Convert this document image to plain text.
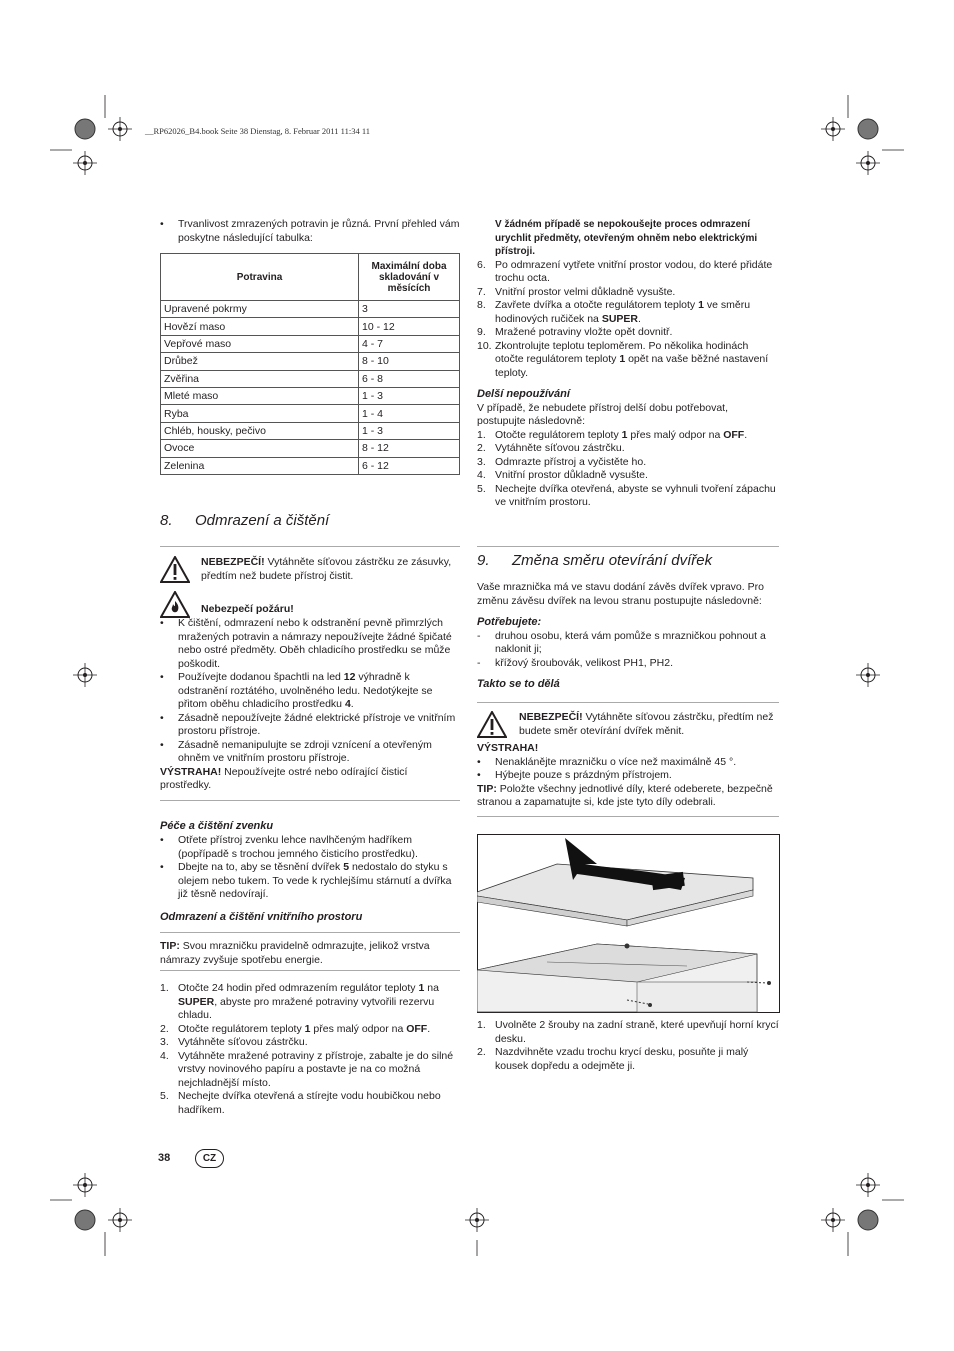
__RP62026_B4.book Seite 38 Dienstag, 8. Februar 2011 11:34 11
• Trvanlivost zmrazených potravin je různá. První přehled vám poskytne následující tabulka:
Potravina	Maximální doba skladování v měsících
Upravené pokrmy	3
Hovězí maso	10 - 12
Vepřové maso	4 - 7
Drůbež	8 - 10
Zvěřina	6 - 8
Mleté maso	1 - 3
Ryba	1 - 4
Chléb, housky, pečivo	1 - 3
Ovoce	8 - 12
Zelenina	6 - 12
8. Odmrazení a čištění
NEBEZPEČÍ! Vytáhněte síťovou zástrčku ze zásuvky, předtím než budete přístroj čistit.
Nebezpečí požáru!
• K čištění, odmrazení nebo k odstranění pevně přimrzlých mražených potravin a námrazy nepoužívejte žádné špičaté nebo ostré předměty. Oběh chladicího prostředku se může poškodit.
• Používejte dodanou špachtli na led 12 výhradně k odstranění roztátého, uvolněného ledu. Nedotýkejte se přitom oběhu chladicího prostředku 4.
• Zásadně nepoužívejte žádné elektrické přístroje ve vnitřním prostoru přístroje.
• Zásadně nemanipulujte se zdroji vznícení a otevřeným ohněm ve vnitřním prostoru přístroje.
VÝSTRAHA! Nepoužívejte ostré nebo odírající čisticí prostředky.
Péče a čištění zvenku
• Otřete přístroj zvenku lehce navlhčeným hadříkem (popřípadě s trochou jemného čisticího prostředku).
• Dbejte na to, aby se těsnění dvířek 5 nedostalo do styku s olejem nebo tukem. To vede k rychlejšímu stárnutí a dvířka již těsně nedovírají.
Odmrazení a čištění vnitřního prostoru
TIP: Svou mrazničku pravidelně odmrazujte, jelikož vrstva námrazy zvyšuje spotřebu energie.
1. Otočte 24 hodin před odmrazením regulátor teploty 1 na SUPER, abyste pro mražené potraviny vytvořili rezervu chladu.
2. Otočte regulátorem teploty 1 přes malý odpor na OFF.
3. Vytáhněte síťovou zástrčku.
4. Vytáhněte mražené potraviny z přístroje, zabalte je do silné vrstvy novinového papíru a postavte je na co možná nejchladnější místo.
5. Nechejte dvířka otevřená a stírejte vodu houbičkou nebo hadříkem.
V žádném případě se nepokoušejte proces odmrazení urychlit předměty, otevřeným ohněm nebo elektrickými přístroji.
6. Po odmrazení vytřete vnitřní prostor vodou, do které přidáte trochu octa.
7. Vnitřní prostor velmi důkladně vysušte.
8. Zavřete dvířka a otočte regulátorem teploty 1 ve směru hodinových ručiček na SUPER.
9. Mražené potraviny vložte opět dovnitř.
10. Zkontrolujte teplotu teploměrem. Po několika hodinách otočte regulátorem teploty 1 opět na vaše běžné nastavení teploty.
Delší nepoužívání
V případě, že nebudete přístroj delší dobu potřebovat, postupujte následovně:
1. Otočte regulátorem teploty 1 přes malý odpor na OFF.
2. Vytáhněte síťovou zástrčku.
3. Odmrazte přístroj a vyčistěte ho.
4. Vnitřní prostor důkladně vysušte.
5. Nechejte dvířka otevřená, abyste se vyhnuli tvoření zápachu ve vnitřním prostoru.
9. Změna směru otevírání dvířek
Vaše mraznička má ve stavu dodání závěs dvířek vpravo. Pro změnu závěsu dvířek na levou stranu postupujte následovně:
Potřebujete:
- druhou osobu, která vám pomůže s mrazničkou pohnout a naklonit ji;
- křížový šroubovák, velikost PH1, PH2.
Takto se to dělá
NEBEZPEČÍ! Vytáhněte síťovou zástrčku, předtím než budete směr otevírání dvířek měnit.
VÝSTRAHA!
• Nenaklánějte mrazničku o více než maximálně 45 °.
• Hýbejte pouze s prázdným přístrojem.
TIP: Položte všechny jednotlivé díly, které odeberete, bezpečně stranou a zapamatujte si, kde jste tyto díly odebrali.
1. Uvolněte 2 šrouby na zadní straně, které upevňují horní krycí desku.
2. Nazdvihněte vzadu trochu krycí desku, posuňte ji malý kousek dopředu a odejměte ji.
38	CZ
